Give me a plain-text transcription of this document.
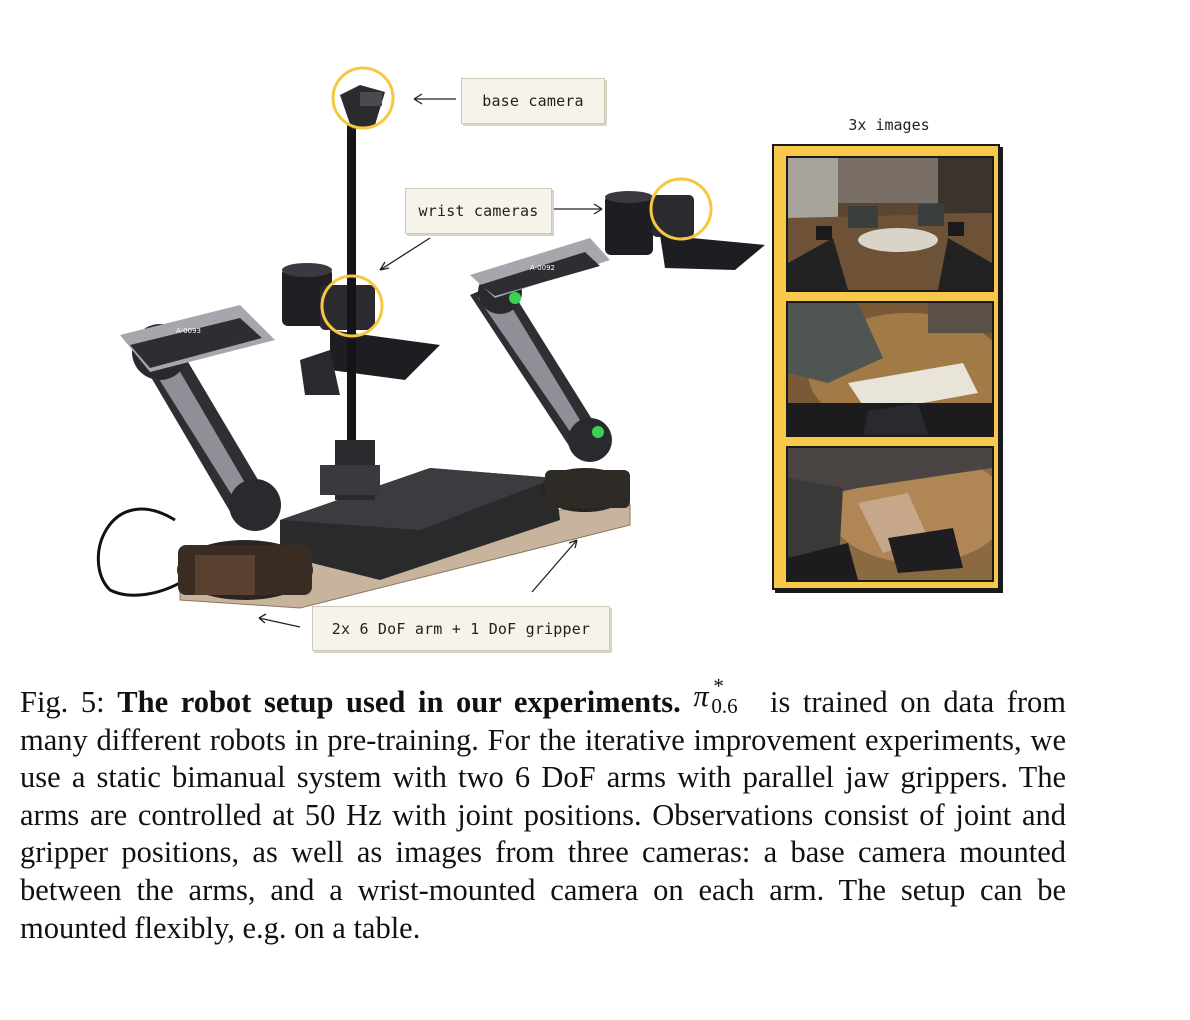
A-0093
A-0092
base camera
wrist cameras
2x 6 DoF arm + 1 DoF gripper
3x images
Fig. 5: The robot setup used in our experiments. π *
0.6 is trained on data from many different robots in pre-training. For the iterative improvement experiments, we use a static bimanual system with two 6 DoF arms with parallel jaw grippers. The arms are controlled at 50 Hz with joint positions. Observations consist of joint and gripper positions, as well as images from three cameras: a base camera mounted between the arms, and a wrist-mounted camera on each arm. The setup can be mounted flexibly, e.g. on a table.
